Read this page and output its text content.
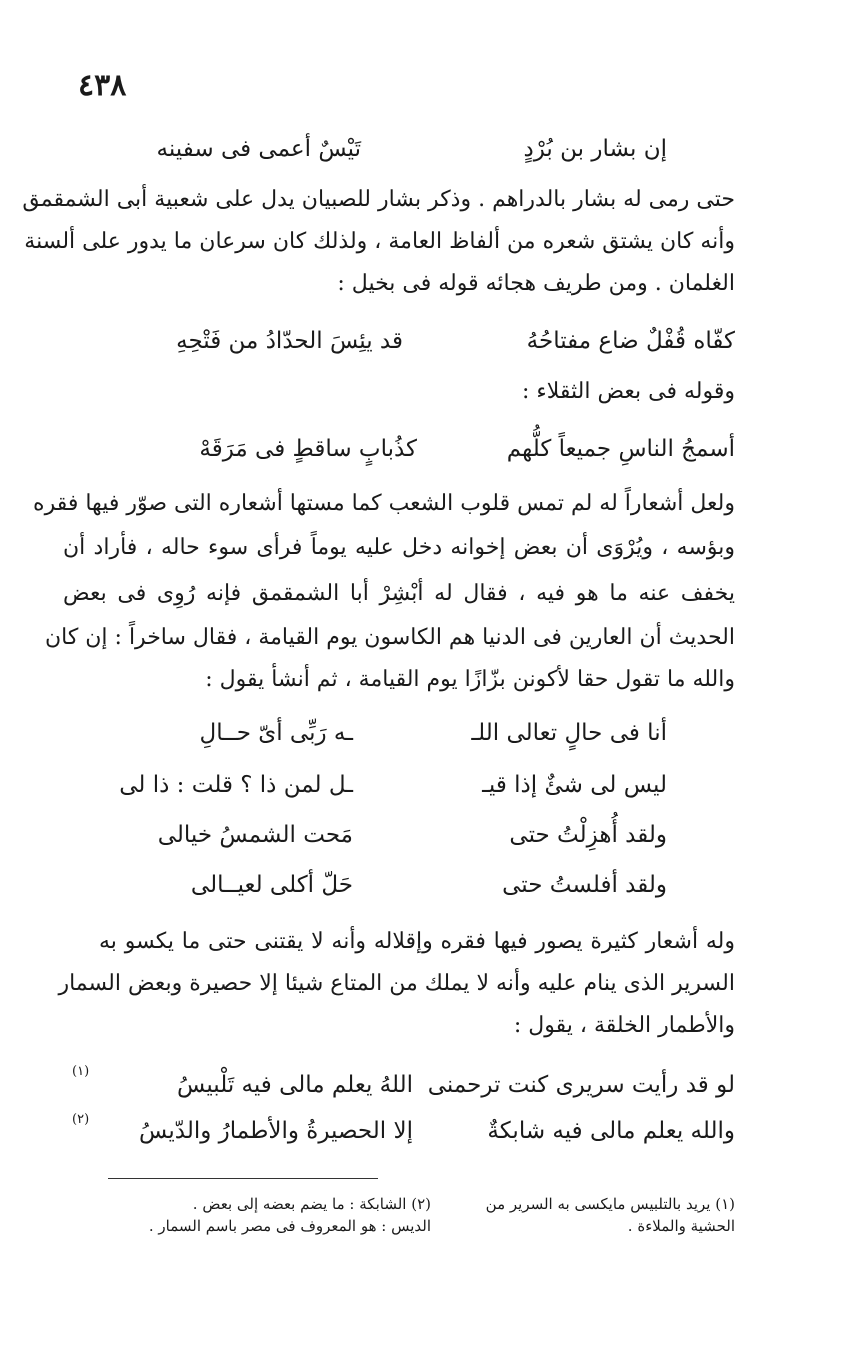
٤٣٨
إن بشار بن بُرْدٍ
تَيْسٌ أعمى فى سفينه
حتى رمى له بشار بالدراهم . وذكر بشار للصبيان يدل على شعبية أبى الشمقمق
وأنه كان يشتق شعره من ألفاظ العامة ، ولذلك كان سرعان ما يدور على ألسنة
الغلمان . ومن طريف هجائه قوله فى بخيل :
كفّاه قُفْلٌ ضاع مفتاحُهُ
قد يئِسَ الحدّادُ من فَتْحِهِ
وقوله فى بعض الثقلاء :
أسمجُ الناسِ جميعاً كلُّهم
كذُبابٍ ساقطٍ فى مَرَقَهْ
ولعل أشعاراً له لم تمس قلوب الشعب كما مستها أشعاره التى صوّر فيها فقره
وبؤسه ، ويُرْوَى أن بعض إخوانه دخل عليه يوماً فرأى سوء حاله ، فأراد أن
يخفف عنه ما هو فيه ، فقال له أبْشِرْ أبا الشمقمق فإنه رُوِى فى بعض
الحديث أن العارين فى الدنيا هم الكاسون يوم القيامة ، فقال ساخراً : إن كان
والله ما تقول حقا لأكونن بزّازًا يوم القيامة ، ثم أنشأ يقول :
أنا فى حالٍ تعالى اللـ
ـه رَبِّى أىّ حــالِ
ليس لى شئٌ إذا قيـ
ـل لمن ذا ؟ قلت : ذا لى
ولقد أُهزِلْتُ حتى
مَحت الشمسُ خيالى
ولقد أفلستُ حتى
حَلّ أكلى لعيــالى
وله أشعار كثيرة يصور فيها فقره وإقلاله وأنه لا يقتنى حتى ما يكسو به
السرير الذى ينام عليه وأنه لا يملك من المتاع شيئا إلا حصيرة وبعض السمار
والأطمار الخلقة ، يقول :
لو قد رأيت سريرى كنت ترحمنى
اللهُ يعلم مالى فيه تَلْبيسُ
(١)
والله يعلم مالى فيه شابكةٌ
إلا الحصيرةُ والأطمارُ والدّيسُ
(٢)
(٢) الشابكة : ما يضم بعضه إلى بعض .
الديس : هو المعروف فى مصر باسم السمار .
(١) يريد بالتلبيس مايكسى به السرير من
الحشية والملاءة .
